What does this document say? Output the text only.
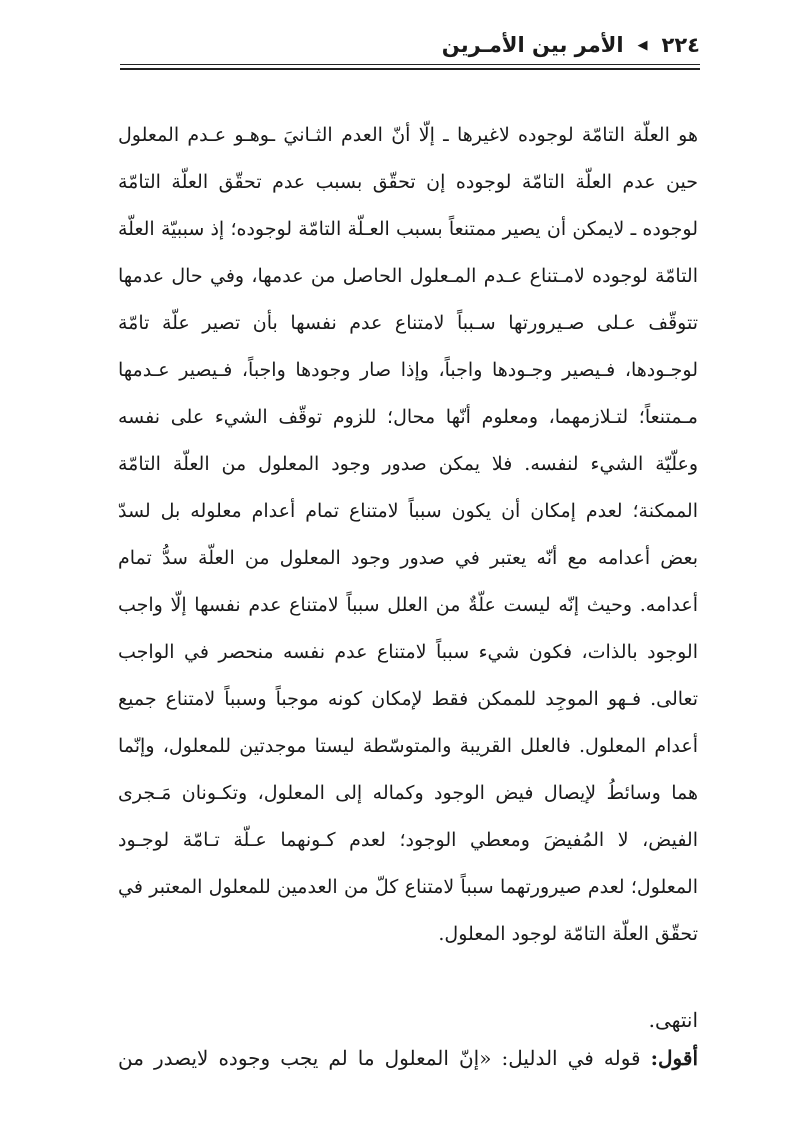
٢٢٤
◀
الأمر بين الأمـرين

هو العلّة التامّة لوجوده لاغيرها ـ إلّا أنّ العدم الثـانيَ ـوهـو عـدم المعلول حين عدم العلّة التامّة لوجوده إن تحقّق بسبب عدم تحقّق العلّة التامّة لوجوده ـ لايمكن أن يصير ممتنعاً بسبب العـلّة التامّة لوجوده؛ إذ سببيّة العلّة التامّة لوجوده لامـتناع عـدم المـعلول الحاصل من عدمها، وفي حال عدمها تتوقّف عـلى صـيرورتها سـبباً لامتناع عدم نفسها بأن تصير علّة تامّة لوجـودها، فـيصير وجـودها واجباً، وإذا صار وجودها واجباً، فـيصير عـدمها مـمتنعاً؛ لتـلازمهما، ومعلوم أنّها محال؛ للزوم توقّف الشيء على نفسه وعلّيّة الشيء لنفسه. فلا يمكن صدور وجود المعلول من العلّة التامّة الممكنة؛ لعدم إمكان أن يكون سبباً لامتناع تمام أعدام معلوله بل لسدّ بعض أعدامه مع أنّه يعتبر في صدور وجود المعلول من العلّة سدُّ تمام أعدامه. وحيث إنّه ليست علّةٌ من العلل سبباً لامتناع عدم نفسها إلّا واجب الوجود بالذات، فكون شيء سبباً لامتناع عدم نفسه منحصر في الواجب تعالى. فـهو الموجِد للممكن فقط لإمكان كونه موجباً وسبباً لامتناع جميع أعدام المعلول. فالعلل القريبة والمتوسّطة ليستا موجدتين للمعلول، وإنّما هما وسائطُ لإيصال فيض الوجود وكماله إلى المعلول، وتكـونان مَـجرى الفيض، لا المُفيضَ ومعطي الوجود؛ لعدم كـونهما عـلّة تـامّة لوجـود المعلول؛ لعدم صيرورتهما سبباً لامتناع كلّ من العدمين للمعلول المعتبر في تحقّق العلّة التامّة لوجود المعلول.

انتهى.
أقول: قوله في الدليل: «إنّ المعلول ما لم يجب وجوده لايصدر من
